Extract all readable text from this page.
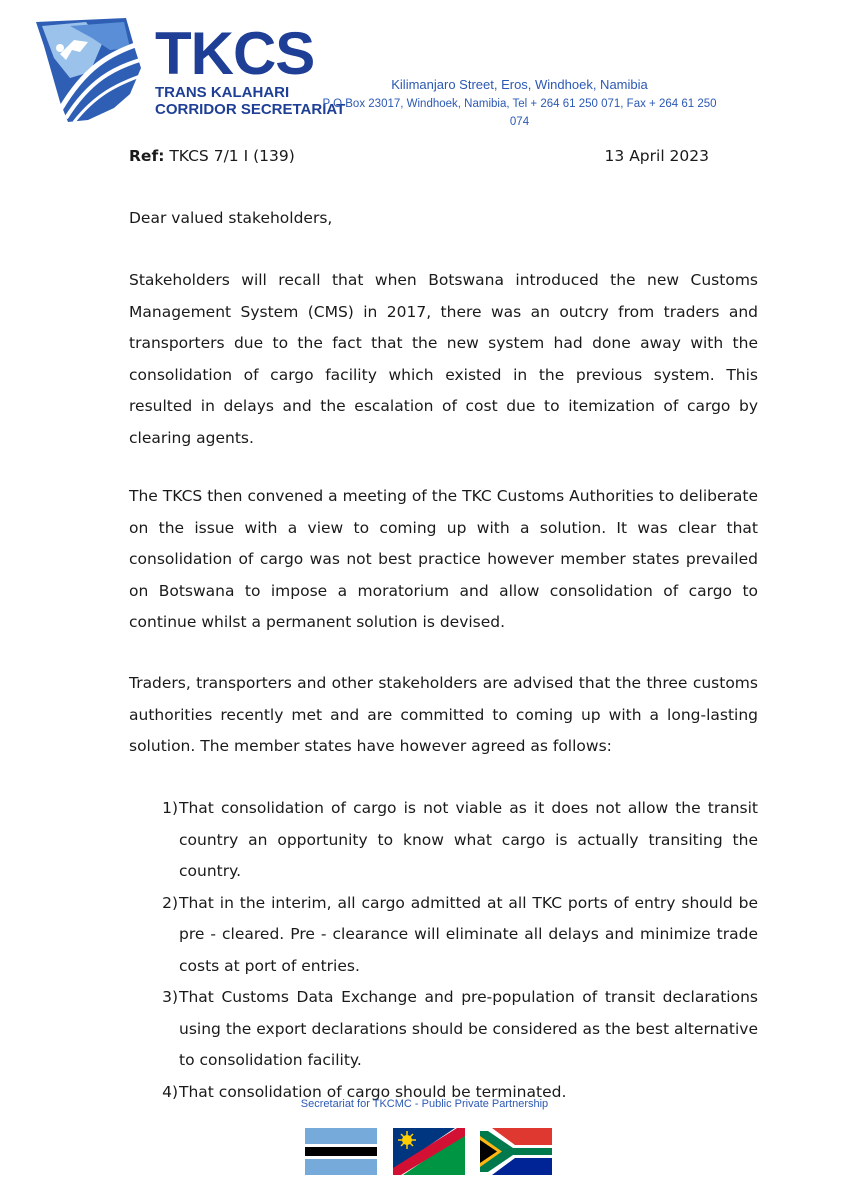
TKCS
TRANS KALAHARI
CORRIDOR SECRETARIAT
Kilimanjaro Street, Eros, Windhoek, Namibia
P O Box 23017, Windhoek, Namibia, Tel + 264 61 250 071, Fax + 264 61 250 074
Ref: TKCS 7/1 I (139)	13 April 2023
Dear valued stakeholders,
Stakeholders will recall that when Botswana introduced the new Customs Management System (CMS) in 2017, there was an outcry from traders and transporters due to the fact that the new system had done away with the consolidation of cargo facility which existed in the previous system. This resulted in delays and the escalation of cost due to itemization of cargo by clearing agents.
The TKCS then convened a meeting of the TKC Customs Authorities to deliberate on the issue with a view to coming up with a solution. It was clear that consolidation of cargo was not best practice however member states prevailed on Botswana to impose a moratorium and allow consolidation of cargo to continue whilst a permanent solution is devised.
Traders, transporters and other stakeholders are advised that the three customs authorities recently met and are committed to coming up with a long-lasting solution. The member states have however agreed as follows:
1) That consolidation of cargo is not viable as it does not allow the transit country an opportunity to know what cargo is actually transiting the country.
2) That in the interim, all cargo admitted at all TKC ports of entry should be pre - cleared. Pre - clearance will eliminate all delays and minimize trade costs at port of entries.
3) That Customs Data Exchange and pre-population of transit declarations using the export declarations should be considered as the best alternative to consolidation facility.
4) That consolidation of cargo should be terminated.
Secretariat for TKCMC - Public Private Partnership
